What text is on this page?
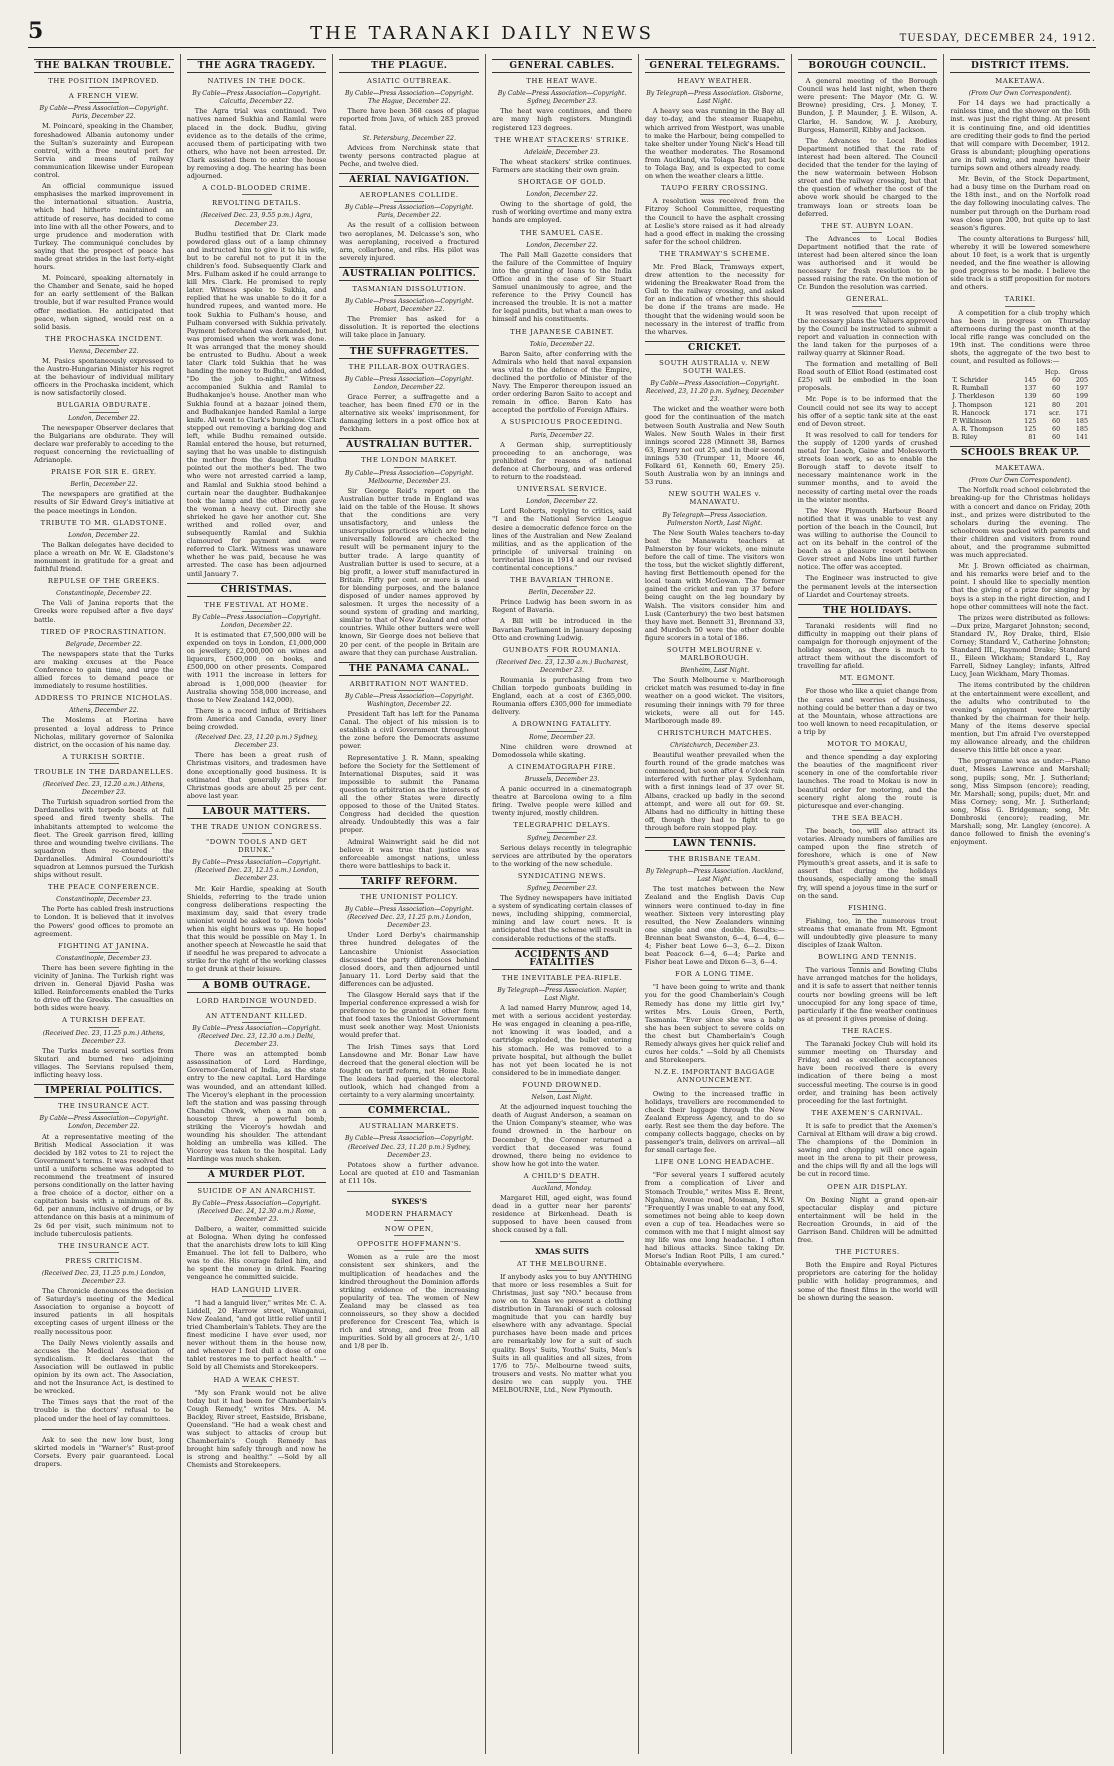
5	THE TARANAKI DAILY NEWS	TUESDAY, DECEMBER 24, 1912.
THE BALKAN TROUBLE.
THE POSITION IMPROVED.
A FRENCH VIEW.
By Cable—Press Association—Copyright. Paris, December 22.

M. Poincaré, speaking in the Chamber, foreshadowed Albania autonomy under the Sultan's suzerainty and European control, with a free neutral port for Servia and means of railway communication likewise under European control.

An official communique issued emphasises the marked improvement in the international situation. Austria, which had hitherto maintained an attitude of reserve, has decided to come into line with all the other Powers, and to urge prudence and moderation with Turkey. The communiqué concludes by saying that the prospect of peace has made great strides in the last forty-eight hours.

M. Poincaré, speaking alternately in the Chamber and Senate, said he hoped for an early settlement of the Balkan trouble, but if war resulted France would offer mediation. He anticipated that peace, when signed, would rest on a solid basis.

THE PROCHASKA INCIDENT.
Vienna, December 22.

M. Pasics spontaneously expressed to the Austro-Hungarian Minister his regret at the behaviour of individual military officers in the Prochaska incident, which is now satisfactorily closed.

BULGARIA OBDURATE.
London, December 22.

The newspaper Observer declares that the Bulgarians are obdurate. They will declare war preferably to acceding to the request concerning the revictualling of Adrianople.

PRAISE FOR SIR E. GREY.
Berlin, December 22.

The newspapers are gratified at the results of Sir Edward Grey's initiative at the peace meetings in London.

TRIBUTE TO MR. GLADSTONE.
London, December 22.

The Balkan delegates have decided to place a wreath on Mr. W. E. Gladstone's monument in gratitude for a great and faithful friend.

REPULSE OF THE GREEKS.
Constantinople, December 22.

The Vali of Janina reports that the Greeks were repulsed after a five days' battle.

TIRED OF PROCRASTINATION.
Belgrade, December 22.

The newspapers state that the Turks are making excuses at the Peace Conference to gain time, and urge the allied forces to demand peace or immediately to resume hostilities.

ADDRESS TO PRINCE NICHOLAS.
Athens, December 22.

The Moslems at Florina have presented a loyal address to Prince Nicholas, military governor of Salonika district, on the occasion of his name day.

A TURKISH SORTIE.
TROUBLE IN THE DARDANELLES.
(Received Dec. 23, 12.20 a.m.) Athens, December 23.

The Turkish squadron sortied from the Dardanelles with torpedo boats at full speed and fired twenty shells. The inhabitants attempted to welcome the fleet. The Greek garrison fired, killing three and wounding twelve civilians. The squadron then re-entered the Dardanelles. Admiral Coundouriotti's squadron at Lemnos pursued the Turkish ships without result.

THE PEACE CONFERENCE.
Constantinople, December 23.

The Porte has cabled fresh instructions to London. It is believed that it involves the Powers' good offices to promote an agreement.

FIGHTING AT JANINA.
Constantinople, December 23.

There has been severe fighting in the vicinity of Janina. The Turkish right was driven in. General Djavid Pasha was killed. Reinforcements enabled the Turks to drive off the Greeks. The casualties on both sides were heavy.

A TURKISH DEFEAT.
(Received Dec. 23, 11.25 p.m.) Athens, December 23.

The Turks made several sorties from Skutari and burned two adjoining villages. The Servians repulsed them, inflicting heavy loss.

IMPERIAL POLITICS.
THE INSURANCE ACT.
By Cable—Press Association—Copyright. London, December 22.

At a representative meeting of the British Medical Association it was decided by 182 votes to 21 to reject the Government's terms. It was resolved that until a uniform scheme was adopted to recommend the treatment of insured persons conditionally on the latter having a free choice of a doctor, either on a capitation basis with a minimum of 8s. 6d. per annum, inclusive of drugs, or by attendance on this basis at a minimum of 2s 6d per visit, such minimum not to include tuberculosis patients.

THE INSURANCE ACT.
PRESS CRITICISM.
(Received Dec. 23, 11.25 p.m.) London, December 23.

The Chronicle denounces the decision of Saturday's meeting of the Medical Association to organise a boycott of insured patients in all hospitals excepting cases of urgent illness or the really necessitous poor.

The Daily News violently assails and accuses the Medical Association of syndicalism. It declares that the Association will be outlawed in public opinion by its own act. The Association, and not the Insurance Act, is destined to be wrecked.

The Times says that the root of the trouble is the doctors' refusal to be placed under the heel of lay committees.

Ask to see the new low bust, long skirted models in "Warner's" Rust-proof Corsets. Every pair guaranteed. Local drapers.

THE AGRA TRAGEDY.
NATIVES IN THE DOCK.
By Cable—Press Association—Copyright. Calcutta, December 22.

The Agra trial was continued. Two natives named Sukhia and Ramlal were placed in the dock. Budhu, giving evidence as to the details of the crime, accused them of participating with two others, who have not been arrested. Dr. Clark assisted them to enter the house by removing a dog. The hearing has been adjourned.

A COLD-BLOODED CRIME.
REVOLTING DETAILS.
(Received Dec. 23, 9.55 p.m.) Agra, December 23.

Budhu testified that Dr. Clark made powdered glass out of a lamp chimney and instructed him to give it to his wife, but to be careful not to put it in the children's food. Subsequently Clark and Mrs. Fulham asked if he could arrange to kill Mrs. Clark. He promised to reply later. Witness spoke to Sukhia, and replied that he was unable to do it for a hundred rupees, and wanted more. He took Sukhia to Fulham's house, and Fulham conversed with Sukhia privately. Payment beforehand was demanded, but was promised when the work was done. It was arranged that the money should be entrusted to Budhu. About a week later Clark told Sukhia that he was handing the money to Budhu, and added, "Do the job to-night." Witness accompanied Sukhia and Ramlal to Budhakanjee's house. Another man who Sukhia found at a bazaar joined them, and Budhakanjee handed Ramlal a large knife. All went to Clark's bungalow. Clark stepped out removing a barking dog and left, while Budhu remained outside. Ramlal entered the house, but returned, saying that he was unable to distinguish the mother from the daughter. Budhu pointed out the mother's bed. The two who were not arrested carried a lamp, and Ramlal and Sukhia stood behind a curtain near the daughter. Budhakanjee took the lamp and the other man gave the woman a heavy cut. Directly she shrieked he gave her another cut. She writhed and rolled over, and subsequently Ramlal and Sukhia clamoured for payment and were referred to Clark. Witness was unaware whether he was paid, because he was arrested. The case has been adjourned until January 7.

CHRISTMAS.
THE FESTIVAL AT HOME.
By Cable—Press Association—Copyright. London, December 22.

It is estimated that £7,500,000 will be expended on toys in London, £1,000,000 on jewellery, £2,000,000 on wines and liqueurs, £500,000 on books, and £500,000 on other presents. Compared with 1911 the increase in letters for abroad is 1,000,000 (heavier for Australia showing 558,000 increase, and those to New Zealand 142,000).

There is a record influx of Britishers from America and Canada, every liner being crowded.

(Received Dec. 23, 11.20 p.m.) Sydney, December 23.

There has been a great rush of Christmas visitors, and tradesmen have done exceptionally good business. It is estimated that generally prices for Christmas goods are about 25 per cent. above last year.

LABOUR MATTERS.
THE TRADE UNION CONGRESS.
"DOWN TOOLS AND GET DRUNK."
By Cable—Press Association—Copyright. (Received Dec. 23, 12.15 a.m.) London, December 23.

Mr. Keir Hardie, speaking at South Shields, referring to the trade union congress deliberations respecting the maximum day, said that every trade unionist would be asked to "down tools" when his eight hours was up. He hoped that this would be possible on May 1. In another speech at Newcastle he said that if needful he was prepared to advocate a strike for the right of the working classes to get drunk at their leisure.

A BOMB OUTRAGE.
LORD HARDINGE WOUNDED.
AN ATTENDANT KILLED.
By Cable—Press Association—Copyright. (Received Dec. 23, 12.30 a.m.) Delhi, December 23.

There was an attempted bomb assassination of Lord Hardinge, Governor-General of India, as the state entry to the new capital. Lord Hardinge was wounded, and an attendant killed. The Viceroy's elephant in the procession left the station and was passing through Chandni Chowk, when a man on a housetop threw a powerful bomb, striking the Viceroy's howdah and wounding his shoulder. The attendant holding an umbrella was killed. The Viceroy was taken to the hospital. Lady Hardinge was much shaken.

A MURDER PLOT.
SUICIDE OF AN ANARCHIST.
By Cable—Press Association—Copyright. (Received Dec. 24, 12.30 a.m.) Rome, December 23.

Dalbero, a waiter, committed suicide at Bologna. When dying he confessed that the anarchists drew lots to kill King Emanuel. The lot fell to Dalbero, who was to die. His courage failed him, and he spent the money in drink. Fearing vengeance he committed suicide.

HAD LANGUID LIVER.

"I had a languid liver," writes Mr. C. A. Liddell, 20 Harrow street, Wanganui, New Zealand, "and got little relief until I tried Chamberlain's Tablets. They are the finest medicine I have ever used, nor never without them in the house now, and whenever I feel dull a dose of one tablet restores me to perfect health." —Sold by all Chemists and Storekeepers.

HAD A WEAK CHEST.

"My son Frank would not be alive today but it had been for Chamberlain's Cough Remedy," writes Mrs. A. M. Backley, River street, Eastside, Brisbane, Queensland. "He had a weak chest and was subject to attacks of croup but Chamberlain's Cough Remedy has brought him safely through and now he is strong and healthy." —Sold by all Chemists and Storekeepers.

THE PLAGUE.
ASIATIC OUTBREAK.
By Cable—Press Association—Copyright. The Hague, December 22.

There have been 368 cases of plague reported from Java, of which 283 proved fatal.

St. Petersburg, December 22.

Advices from Nerchinsk state that twenty persons contracted plague at Peche, and twelve died.

AERIAL NAVIGATION.
AEROPLANES COLLIDE.
By Cable—Press Association—Copyright. Paris, December 22.

As the result of a collision between two aeroplanes, M. Delcasse's son, who was aeroplaning, received a fractured arm, collarbone, and ribs. His pilot was severely injured.

AUSTRALIAN POLITICS.
TASMANIAN DISSOLUTION.
By Cable—Press Association—Copyright. Hobart, December 22.

The Premier has asked for a dissolution. It is reported the elections will take place in January.

THE SUFFRAGETTES.
THE PILLAR-BOX OUTRAGES.
By Cable—Press Association—Copyright. London, December 22.

Grace Ferrer, a suffragette and a teacher, has been fined £70 or in the alternative six weeks' imprisonment, for damaging letters in a post office box at Peckham.

AUSTRALIAN BUTTER.
THE LONDON MARKET.
By Cable—Press Association—Copyright. Melbourne, December 23.

Sir George Reid's report on the Australian butter trade in England was laid on the table of the House. It shows that the conditions are very unsatisfactory, and unless the unscrupulous practices which are being universally followed are checked the result will be permanent injury to the butter trade. A large quantity of Australian butter is used to secure, at a big profit, a lower stuff manufactured in Britain. Fifty per cent. or more is used for blending purposes, and the balance disposed of under names approved by salesmen. It urges the necessity of a sound system of grading and marking, similar to that of New Zealand and other countries. While other butters were well known, Sir George does not believe that 20 per cent. of the people in Britain are aware that they can purchase Australian.

THE PANAMA CANAL.
ARBITRATION NOT WANTED.
By Cable—Press Association—Copyright. Washington, December 22.

President Taft has left for the Panama Canal. The object of his mission is to establish a civil Government throughout the zone before the Democrats assume power.

Representative J. R. Mann, speaking before the Society for the Settlement of International Disputes, said it was impossible to submit the Panama question to arbitration as the interests of all the other States were directly opposed to those of the United States. Congress had decided the question already. Undoubtedly this was a fair proper.

Admiral Wainwright said he did not believe it was true that justice was enforceable amongst nations, unless there were battleships to back it.

TARIFF REFORM.
THE UNIONIST POLICY.
By Cable—Press Association—Copyright. (Received Dec. 23, 11.25 p.m.) London, December 23.

Under Lord Derby's chairmanship three hundred delegates of the Lancashire Unionist Association discussed the party differences behind closed doors, and then adjourned until January 11. Lord Derby said that the differences can be adjusted.

The Glasgow Herald says that if the Imperial conference expressed a wish for preference to be granted in other form that food taxes the Unionist Government must seek another way. Most Unionists would prefer that.

The Irish Times says that Lord Lansdowne and Mr. Bonar Law have decreed that the general election will be fought on tariff reform, not Home Rule. The leaders had queried the electoral outlook, which had changed from a certainty to a very alarming uncertainty.

COMMERCIAL.
AUSTRALIAN MARKETS.
By Cable—Press Association—Copyright. (Received Dec. 23, 11.20 p.m.) Sydney, December 23.

Potatoes show a further advance. Local are quoted at £10 and Tasmanian at £11 10s.

SYKES'S
MODERN PHARMACY
NOW OPEN,
OPPOSITE HOFFMANN'S.

Women as a rule are the most consistent sex shinkers, and the multiplication of headaches and the kindred throughout the Dominion affords striking evidence of the increasing popularity of tea. The women of New Zealand may be classed as tea connoisseurs, so they show a decided preference for Crescent Tea, which is rich and strong, and free from all impurities. Sold by all grocers at 2/-, 1/10 and 1/8 per lb.

GENERAL CABLES.
THE HEAT WAVE.
By Cable—Press Association—Copyright. Sydney, December 23.

The heat wave continues, and there are many high registers. Mungindi registered 123 degrees.

THE WHEAT STACKERS' STRIKE.
Adelaide, December 23.

The wheat stackers' strike continues. Farmers are stacking their own grain.

SHORTAGE OF GOLD.
London, December 22.

Owing to the shortage of gold, the rush of working overtime and many extra hands are employed.

THE SAMUEL CASE.
London, December 22.

The Pall Mall Gazette considers that the failure of the Committee of Inquiry into the granting of loans to the India Office and in the case of Sir Stuart Samuel unanimously to agree, and the reference to the Privy Council has increased the trouble. It is not a matter for legal pundits, but what a man owes to himself and his constituents.

THE JAPANESE CABINET.
Tokio, December 22.

Baron Saito, after conferring with the Admirals who held that naval expansion was vital to the defence of the Empire, declined the portfolio of Minister of the Navy. The Emperor thereupon issued an order ordering Baron Saito to accept and remain in office. Baron Kato has accepted the portfolio of Foreign Affairs.

A SUSPICIOUS PROCEEDING.
Paris, December 22.

A German ship, surreptitiously proceeding to an anchorage, was prohibited for reasons of national defence at Cherbourg, and was ordered to return to the roadstead.

UNIVERSAL SERVICE.
London, December 22.

Lord Roberts, replying to critics, said "I and the National Service League desire a democratic defence force on the lines of the Australian and New Zealand militias, and as the application of the principle of universal training on territorial lines in 1914 and our revised continental conceptions."

THE BAVARIAN THRONE.
Berlin, December 22.

Prince Ludwig has been sworn in as Regent of Bavaria.

A Bill will be introduced in the Bavarian Parliament in January deposing Otto and crowning Ludwig.

GUNBOATS FOR ROUMANIA.
(Received Dec. 23, 12.30 a.m.) Bucharest, December 23.

Roumania is purchasing from two Chilian torpedo gunboats building in England, each at a cost of £365,000. Roumania offers £305,000 for immediate delivery.

A DROWNING FATALITY.
Rome, December 23.

Nine children were drowned at Domodossola while skating.

A CINEMATOGRAPH FIRE.
Brussels, December 23.

A panic occurred in a cinematograph theatre at Barcelona owing to a film firing. Twelve people were killed and twenty injured, mostly children.

TELEGRAPHIC DELAYS.
Sydney, December 23.

Serious delays recently in telegraphic services are attributed by the operators to the working of the new schedule.

SYNDICATING NEWS.
Sydney, December 23.

The Sydney newspapers have initiated a system of syndicating certain classes of news, including shipping, commercial, mining and law court news. It is anticipated that the scheme will result in considerable reductions of the staffs.

ACCIDENTS AND FATALITIES
THE INEVITABLE PEA-RIFLE.
By Telegraph—Press Association. Napier, Last Night.

A lad named Harry Munrow, aged 14, met with a serious accident yesterday. He was engaged in cleaning a pea-rifle, not knowing it was loaded, and a cartridge exploded, the bullet entering his stomach. He was removed to a private hospital, but although the bullet has not yet been located he is not considered to be in immediate danger.

FOUND DROWNED.
Nelson, Last Night.

At the adjourned inquest touching the death of August Anderson, a seaman on the Union Company's steamer, who was found drowned in the harbour on December 9, the Coroner returned a verdict that deceased was found drowned, there being no evidence to show how he got into the water.

A CHILD'S DEATH.
Auckland, Monday.

Margaret Hill, aged eight, was found dead in a gutter near her parents' residence at Birkenhead. Death is supposed to have been caused from shock caused by a fall.

XMAS SUITS
AT THE MELBOURNE.

If anybody asks you to buy ANYTHING that more or less resembles a Suit for Christmas, just say "NO." because from now on to Xmas we present a clothing distribution in Taranaki of such colossal magnitude that you can hardly buy elsewhere with any advantage. Special purchases have been made and prices are remarkably low for a suit of such quality. Boys' Suits, Youths' Suits, Men's Suits in all qualities and all sizes, from 17/6 to 75/-. Melbourne tweed suits, trousers and vests. No matter what you desire we can supply you. THE MELBOURNE, Ltd., New Plymouth.

GENERAL TELEGRAMS.
HEAVY WEATHER.
By Telegraph—Press Association. Gisborne, Last Night.

A heavy sea was running in the Bay all day to-day, and the steamer Ruapehu, which arrived from Westport, was unable to make the Harbour, being compelled to take shelter under Young Nick's Head till the weather moderates. The Rosamond from Auckland, via Tolaga Bay, put back to Tolaga Bay, and is expected to come on when the weather clears a little.

TAUPO FERRY CROSSING.

A resolution was received from the Fitzroy School Committee, requesting the Council to have the asphalt crossing at Leslie's store raised as it had already had a good effect in making the crossing safer for the school children.

THE TRAMWAY'S SCHEME.

Mr. Fred Black, Tramways expert, drew attention to the necessity for widening the Breakwater Road from the Gull to the railway crossing, and asked for an indication of whether this should be done if the trams are made. He thought that the widening would soon be necessary in the interest of traffic from the wharves.

CRICKET.
SOUTH AUSTRALIA v. NEW SOUTH WALES.
By Cable—Press Association—Copyright. Received, 23, 11.20 p.m. Sydney, December 23.

The wicket and the weather were both good for the continuation of the match between South Australia and New South Wales. New South Wales in their first innings scored 228 (Minnett 38, Barnes 63, Emery not out 25, and in their second innings 530 (Trumper 11, Moore 46, Folkard 61, Kenneth 60, Emery 25). South Australia won by an innings and 53 runs.

NEW SOUTH WALES v. MANAWATU.
By Telegraph—Press Association. Palmerston North, Last Night.

The New South Wales teachers to-day beat the Manawatu teachers at Palmerston by four wickets, one minute before the call of time. The visitors won the toss, but the wicket slightly different, having first Bettlemouth opened for the local team with McGowan. The former gained the cricket and ran up 37 before being caught on the leg boundary by Walsh. The visitors consider him and Lusk (Canterbury) the two best batsmen they have met. Bennett 31, Brennand 33, and Murdoch 50 were the other double figure scorers in a total of 186.

SOUTH MELBOURNE v. MARLBOROUGH.
Blenheim, Last Night.

The South Melbourne v. Marlborough cricket match was resumed to-day in fine weather on a good wicket. The visitors, resuming their innings with 79 for three wickets, were all out for 145. Marlborough made 89.

CHRISTCHURCH MATCHES.
Christchurch, December 23.

Beautiful weather prevailed when the fourth round of the grade matches was commenced, but soon after 4 o'clock rain interfered with further play. Sydenham, with a first innings lead of 37 over St. Albans, cracked up badly in the second attempt, and were all out for 69. St. Albans had no difficulty in hitting these off, though they had to fight to go through before rain stopped play.

LAWN TENNIS.
THE BRISBANE TEAM.
By Telegraph—Press Association. Auckland, Last Night.

The test matches between the New Zealand and the English Davis Cup winners were continued to-day in fine weather. Sixteen very interesting play resulted, the New Zealanders winning one single and one double. Results:—Brennan beat Swanston, 6—4, 6—4, 6—4; Fisher beat Lowe 6—3, 6—2. Dixon beat Peacock 6—4, 6—4; Parke and Fisher beat Lowe and Dixon 6—3, 6—4.

FOR A LONG TIME.

"I have been going to write and thank you for the good Chamberlain's Cough Remedy has done my little girl Ivy," writes Mrs. Louis Green, Perth, Tasmania. "Ever since she was a baby she has been subject to severe colds on the chest but Chamberlain's Cough Remedy always gives her quick relief and cures her colds." —Sold by all Chemists and Storekeepers.

N.Z.E. IMPORTANT BAGGAGE ANNOUNCEMENT.

Owing to the increased traffic in holidays, travellers are recommended to check their luggage through the New Zealand Express Agency, and to do so early. Rest see them the day before. The company collects baggage, checks on by passenger's train, delivers on arrival—all for small cartage fee.

LIFE ONE LONG HEADACHE.

"For several years I suffered acutely from a complication of Liver and Stomach Trouble," writes Miss E. Brent, Ngahina, Avenue road, Mosman, N.S.W. "Frequently I was unable to eat any food, sometimes not being able to keep down even a cup of tea. Headaches were so common with me that I might almost say my life was one long headache. I often had bilious attacks. Since taking Dr. Morse's Indian Root Pills, I am cured." Obtainable everywhere.

BOROUGH COUNCIL.

A general meeting of the Borough Council was held last night, when there were present: The Mayor (Mr. G. W. Browne) presiding, Crs. J. Money, T. Bundon, J. P. Maunder, J. E. Wilson, A. Clarke, H. Sandow, W. J. Axebury, Burgess, Hamerill, Kibby and Jackson.

The Advances to Local Bodies Department notified that the rate of interest had been altered. The Council decided that the tender for the laying of the new watermain between Hobson street and the railway crossing, but that the question of whether the cost of the above work should be charged to the tramways loan or streets loan be deferred.

THE ST. AUBYN LOAN.

The Advances to Local Bodies Department notified that the rate of interest had been altered since the loan was authorised and it would be necessary for fresh resolution to be passed raising the rate. On the motion of Cr. Bundon the resolution was carried.

GENERAL.

It was resolved that upon receipt of the necessary plans the Valuers approved by the Council be instructed to submit a report and valuation in connection with the land taken for the purposes of a railway quarry at Skinner Road.

The formation and metalling of Bell Road south of Elliot Road (estimated cost £25) will be embodied in the loan proposals.

Mr. Pope is to be informed that the Council could not see its way to accept his offer of a septic tank site at the east end of Devon street.

It was resolved to call for tenders for the supply of 1200 yards of crushed metal for Leach, Gaine and Molesworth streets loan work, so as to enable the Borough staff to devote itself to necessary maintenance work in the summer months, and to avoid the necessity of carting metal over the roads in the winter months.

The New Plymouth Harbour Board notified that it was unable to vest any portion of the beach in the Council, but was willing to authorise the Council to act on its behalf in the control of the beach as a pleasure resort between Gover street and Nobs line until further notice. The offer was accepted.

The Engineer was instructed to give the permanent levels at the intersection of Liardet and Courtenay streets.

THE HOLIDAYS.

Taranaki residents will find no difficulty in mapping out their plans of campaign for thorough enjoyment of the holiday season, as there is much to attract them without the discomfort of travelling far afield.

MT. EGMONT.

For those who like a quiet change from the cares and worries of business, nothing could be better than a day or two at the Mountain, whose attractions are too well known to need recapitulation, or a trip by

MOTOR TO MOKAU,

and thence spending a day exploring the beauties of the magnificent river scenery in one of the comfortable river launches. The road to Mokau is now in beautiful order for motoring, and the scenery right along the route is picturesque and ever-changing.

THE SEA BEACH.

The beach, too, will also attract its votaries. Already numbers of families are camped upon the fine stretch of foreshore, which is one of New Plymouth's great assets, and it is safe to assert that during the holidays thousands, especially among the small fry, will spend a joyous time in the surf or on the sand.

FISHING.

Fishing, too, in the numerous trout streams that emanate from Mt. Egmont will undoubtedly give pleasure to many disciples of Izaak Walton.

BOWLING AND TENNIS.

The various Tennis and Bowling Clubs have arranged matches for the holidays, and it is safe to assert that neither tennis courts nor bowling greens will be left unoccupied for any long space of time, particularly if the fine weather continues as at present it gives promise of doing.

THE RACES.

The Taranaki Jockey Club will hold its summer meeting on Thursday and Friday, and as excellent acceptances have been received there is every indication of there being a most successful meeting. The course is in good order, and training has been actively proceeding for the last fortnight.

THE AXEMEN'S CARNIVAL.

It is safe to predict that the Axemen's Carnival at Eltham will draw a big crowd. The champions of the Dominion in sawing and chopping will once again meet in the arena to pit their prowess, and the chips will fly and all the logs will be cut in record time.

OPEN AIR DISPLAY.

On Boxing Night a grand open-air spectacular display and picture entertainment will be held in the Recreation Grounds, in aid of the Garrison Band. Children will be admitted free.

THE PICTURES.

Both the Empire and Royal Pictures proprietors are catering for the holiday public with holiday programmes, and some of the finest films in the world will be shown during the season.

DISTRICT ITEMS.
MAKETAWA.
(From Our Own Correspondent).

For 14 days we had practically a rainless time, and the shower on the 16th inst. was just the right thing. At present it is continuing fine, and old identities are crediting their gods to find the period that will compare with December, 1912. Grass is abundant; ploughing operations are in full swing, and many have their turnips sown and others already ready.

Mr. Bevin, of the Stock Department, had a busy time on the Durham road on the 18th inst., and on the Norfolk road the day following inoculating calves. The number put through on the Durham road was close upon 200, but quite up to last season's figures.

The county alterations to Burgess' hill, whereby it will be lowered somewhere about 10 feet, is a work that is urgently needed, and the fine weather is allowing good progress to be made. I believe the side track is a stiff proposition for motors and others.

TARIKI.

A competition for a club trophy which has been in progress on Thursday afternoons during the past month at the local rifle range was concluded on the 19th inst. The conditions were three shots, the aggregate of the two best to count, and resulted as follows:—

		Hcp.	Gross
T. Schrider	145	60	205
R. Rumball	137	60	197
J. Therkleson	139	60	199
J. Thompson	121	80	201
R. Hancock	171	scr.	171
P. Wilkinson	125	60	185
A. R. Thompson	125	60	185
B. Riley	81	60	141
SCHOOLS BREAK UP.
MAKETAWA.
(From Our Own Correspondent).

The Norfolk road school celebrated the breaking-up for the Christmas holidays with a concert and dance on Friday, 20th inst., and prizes were distributed to the scholars during the evening. The schoolroom was packed with parents and their children and visitors from round about, and the programme submitted was much appreciated.

Mr. J. Brown officiated as chairman, and his remarks were brief and to the point. I should like to specially mention that the giving of a prize for singing by boys is a step in the right direction, and I hope other committees will note the fact.

The prizes were distributed as follows:—Dux prize, Margaret Johnston; second, Standard IV., Roy Drake, third, Elsie Corney; Standard V., Catherine Johnston; Standard III., Raymond Drake; Standard II., Eileen Wickham; Standard I., Ray Farrell, Sidney Langley; infants, Alfred Lucy, Jean Wickham, Mary Thomas.

The items contributed by the children at the entertainment were excellent, and the adults who contributed to the evening's enjoyment were heartily thanked by the chairman for their help. Many of the items deserve special mention, but I'm afraid I've overstepped my allowance already, and the children deserve this little bit once a year.

The programme was as under:—Piano duet, Misses Lawrence and Marshall; song, pupils; song, Mr. J. Sutherland; song, Miss Simpson (encore); reading, Mr. Marshall; song, pupils; duet, Mr. and Miss Corney; song, Mr. J. Sutherland; song, Miss G. Bridgeman; song, Mr. Dombroski (encore); reading, Mr. Marshall; song, Mr. Langley (encore). A dance followed to finish the evening's enjoyment.
